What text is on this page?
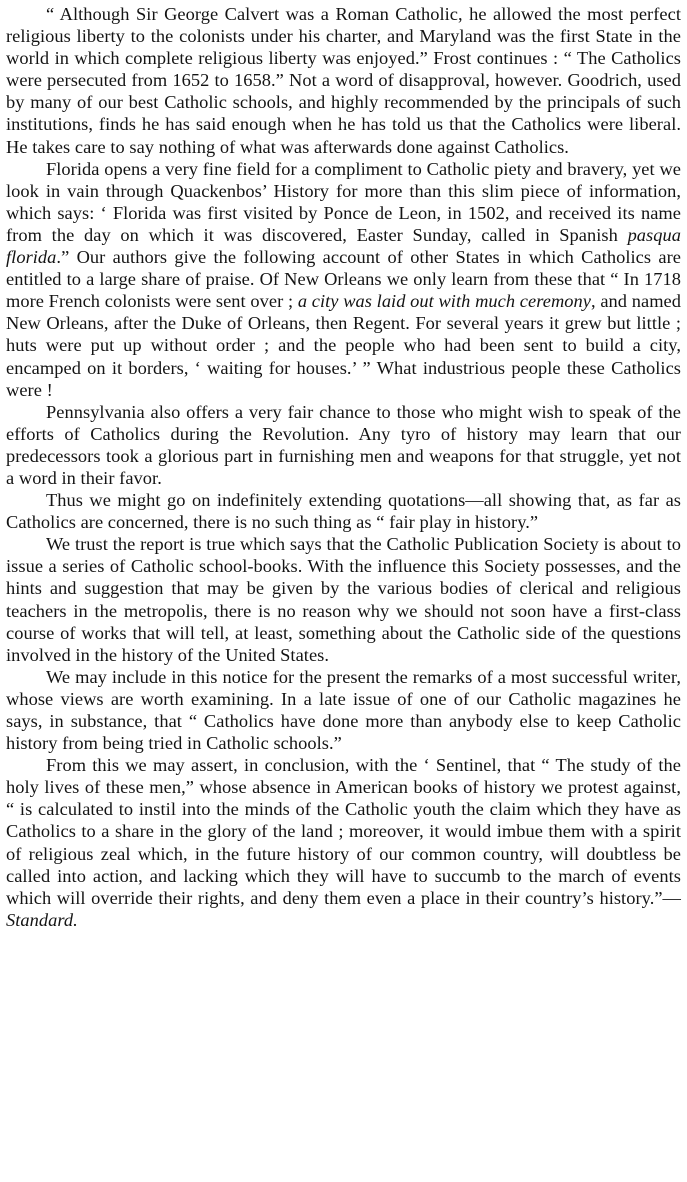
“ Although Sir George Calvert was a Roman Catholic, he allowed the most perfect religious liberty to the colonists under his charter, and Maryland was the first State in the world in which complete religious liberty was enjoyed.” Frost continues : “ The Catholics were persecuted from 1652 to 1658.” Not a word of disapproval, however. Goodrich, used by many of our best Catholic schools, and highly recommended by the principals of such institutions, finds he has said enough when he has told us that the Catholics were liberal. He takes care to say nothing of what was afterwards done against Catholics.

Florida opens a very fine field for a compliment to Catholic piety and bravery, yet we look in vain through Quackenbos’ History for more than this slim piece of information, which says: ‘ Florida was first visited by Ponce de Leon, in 1502, and received its name from the day on which it was discovered, Easter Sunday, called in Spanish pasqua florida.” Our authors give the following account of other States in which Catholics are entitled to a large share of praise. Of New Orleans we only learn from these that “ In 1718 more French colonists were sent over ; a city was laid out with much ceremony, and named New Orleans, after the Duke of Orleans, then Regent. For several years it grew but little ; huts were put up without order ; and the people who had been sent to build a city, encamped on it borders, ‘ waiting for houses.’ ” What industrious people these Catholics were !

Pennsylvania also offers a very fair chance to those who might wish to speak of the efforts of Catholics during the Revolution. Any tyro of history may learn that our predecessors took a glorious part in furnishing men and weapons for that struggle, yet not a word in their favor.

Thus we might go on indefinitely extending quotations—all showing that, as far as Catholics are concerned, there is no such thing as “ fair play in history.”

We trust the report is true which says that the Catholic Publication Society is about to issue a series of Catholic school-books. With the influence this Society possesses, and the hints and suggestion that may be given by the various bodies of clerical and religious teachers in the metropolis, there is no reason why we should not soon have a first-class course of works that will tell, at least, something about the Catholic side of the questions involved in the history of the United States.

We may include in this notice for the present the remarks of a most successful writer, whose views are worth examining. In a late issue of one of our Catholic magazines he says, in substance, that “ Catholics have done more than anybody else to keep Catholic history from being tried in Catholic schools.”

From this we may assert, in conclusion, with the ‘ Sentinel, that “ The study of the holy lives of these men,” whose absence in American books of history we protest against, “ is calculated to instil into the minds of the Catholic youth the claim which they have as Catholics to a share in the glory of the land ; moreover, it would imbue them with a spirit of religious zeal which, in the future history of our common country, will doubtless be called into action, and lacking which they will have to succumb to the march of events which will override their rights, and deny them even a place in their country’s history.”—Standard.
